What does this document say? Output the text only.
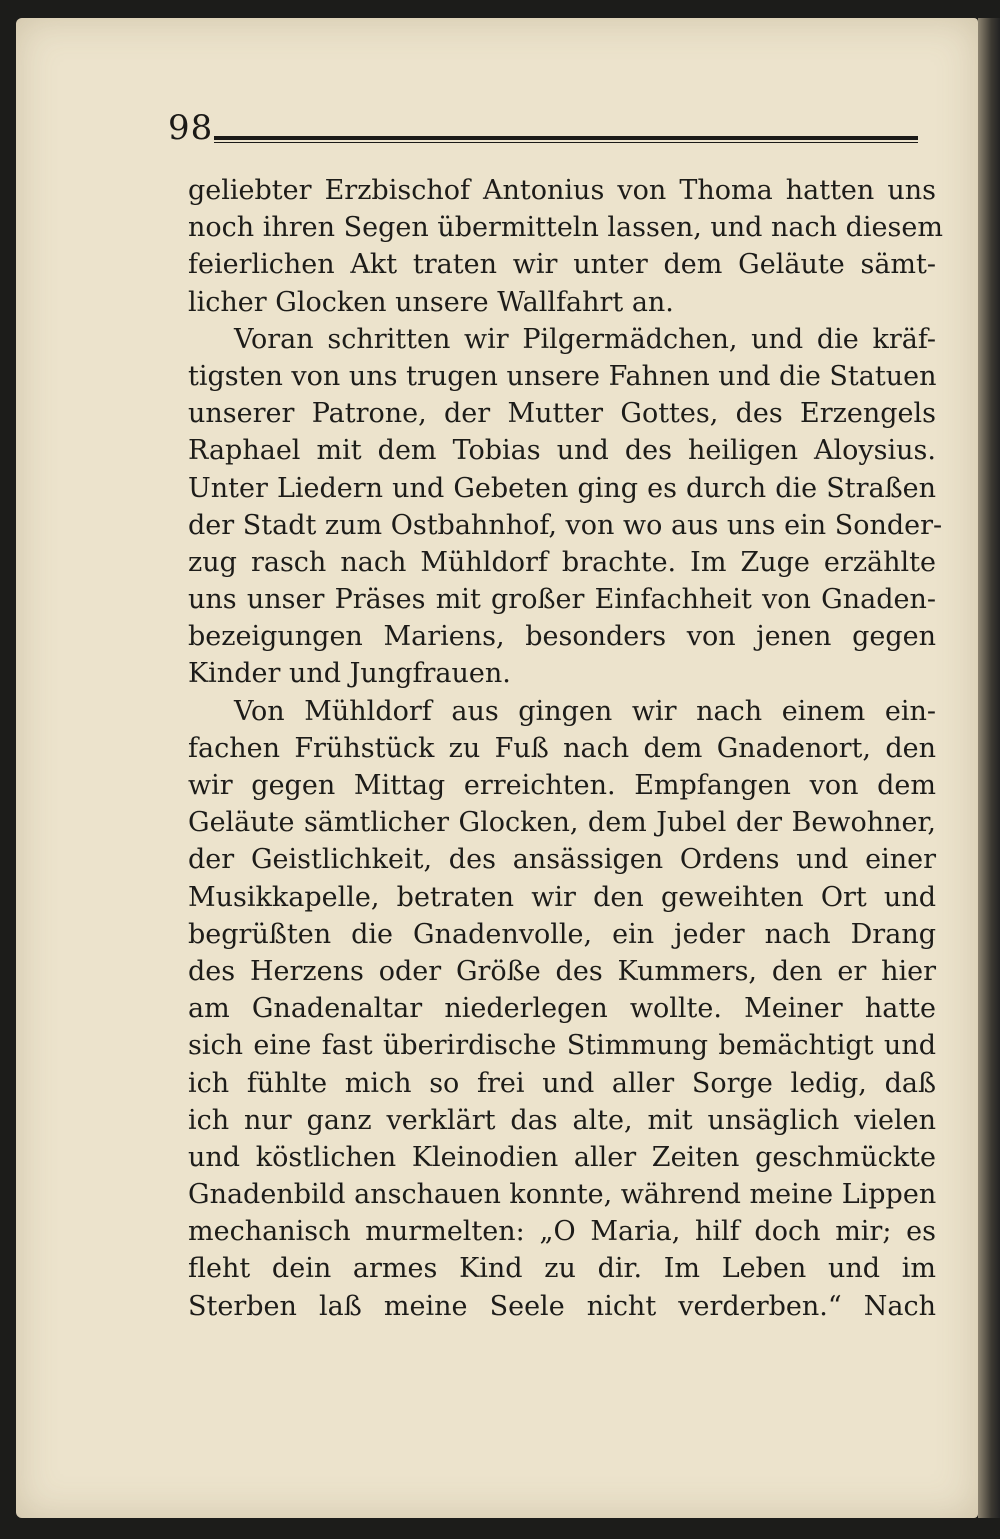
98
geliebter Erzbischof Antonius von Thoma hatten uns
noch ihren Segen übermitteln lassen, und nach diesem
feierlichen Akt traten wir unter dem Geläute sämt-
licher Glocken unsere Wallfahrt an.
Voran schritten wir Pilgermädchen, und die kräf-
tigsten von uns trugen unsere Fahnen und die Statuen
unserer Patrone, der Mutter Gottes, des Erzengels
Raphael mit dem Tobias und des heiligen Aloysius.
Unter Liedern und Gebeten ging es durch die Straßen
der Stadt zum Ostbahnhof, von wo aus uns ein Sonder-
zug rasch nach Mühldorf brachte. Im Zuge erzählte
uns unser Präses mit großer Einfachheit von Gnaden-
bezeigungen Mariens, besonders von jenen gegen
Kinder und Jungfrauen.
Von Mühldorf aus gingen wir nach einem ein-
fachen Frühstück zu Fuß nach dem Gnadenort, den
wir gegen Mittag erreichten. Empfangen von dem
Geläute sämtlicher Glocken, dem Jubel der Bewohner,
der Geistlichkeit, des ansässigen Ordens und einer
Musikkapelle, betraten wir den geweihten Ort und
begrüßten die Gnadenvolle, ein jeder nach Drang
des Herzens oder Größe des Kummers, den er hier
am Gnadenaltar niederlegen wollte. Meiner hatte
sich eine fast überirdische Stimmung bemächtigt und
ich fühlte mich so frei und aller Sorge ledig, daß
ich nur ganz verklärt das alte, mit unsäglich vielen
und köstlichen Kleinodien aller Zeiten geschmückte
Gnadenbild anschauen konnte, während meine Lippen
mechanisch murmelten: „O Maria, hilf doch mir; es
fleht dein armes Kind zu dir. Im Leben und im
Sterben laß meine Seele nicht verderben.“ Nach
